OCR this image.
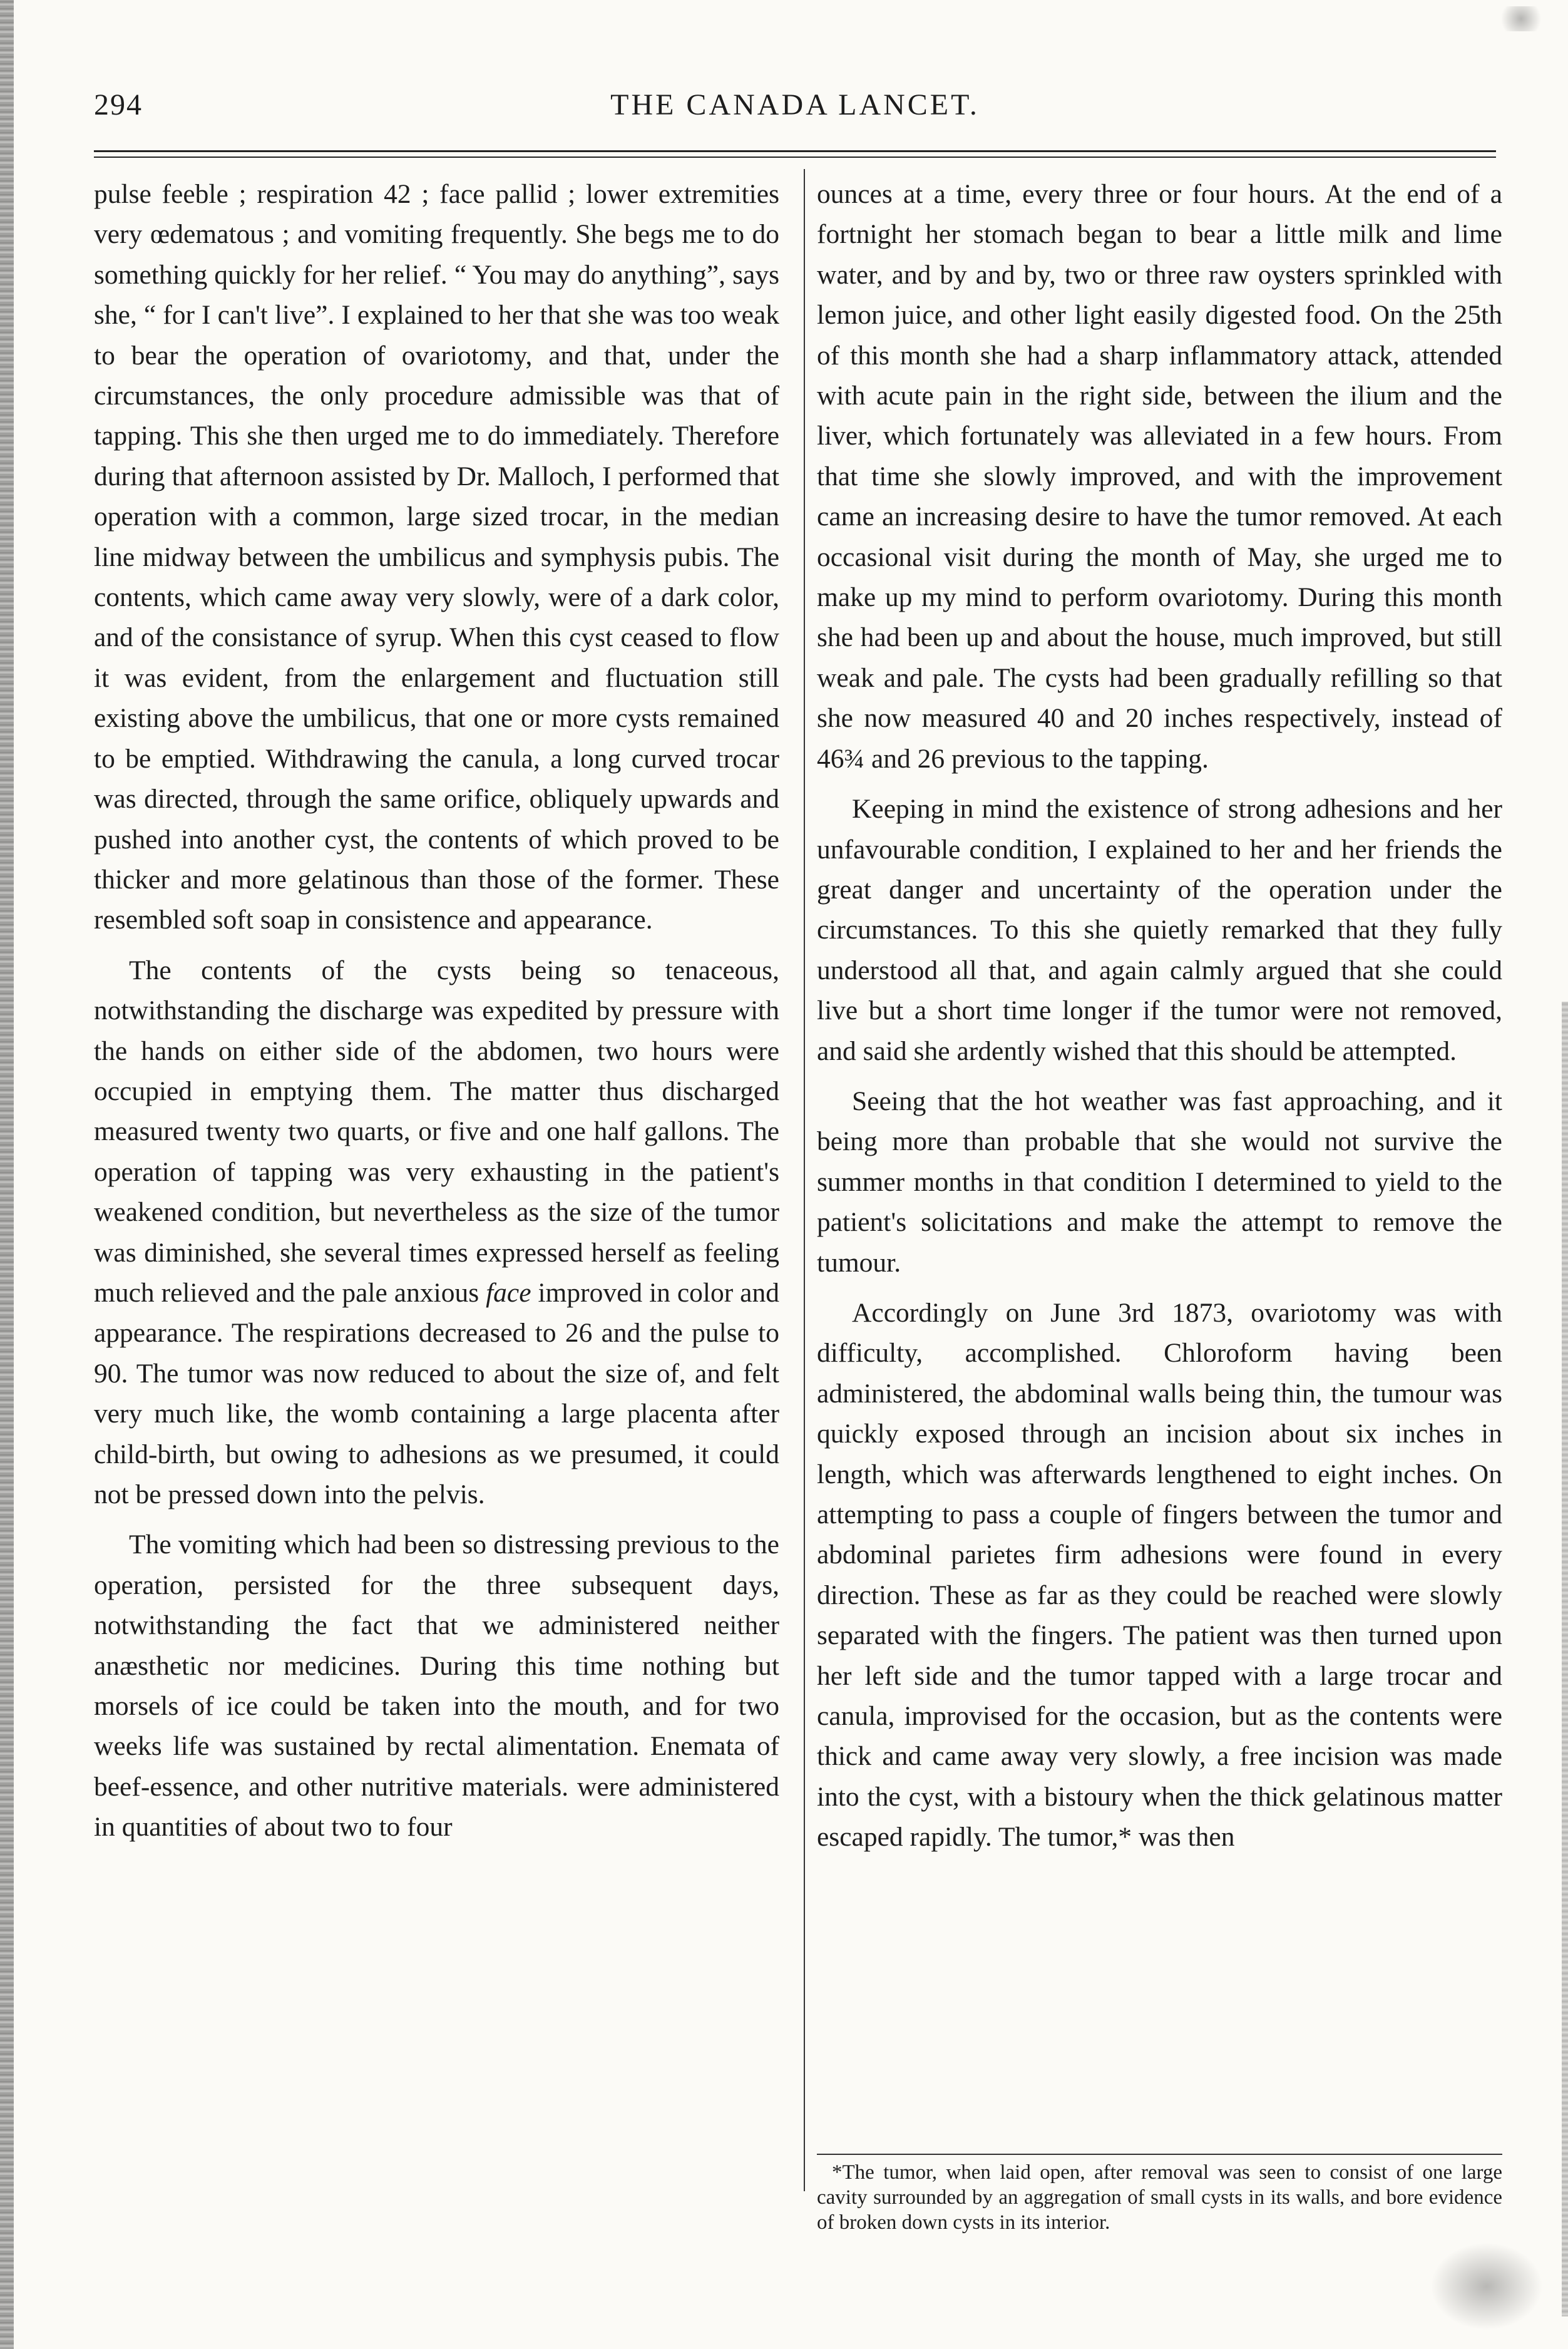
294	THE CANADA LANCET.

pulse feeble ; respiration 42 ; face pallid ; lower extremities very œdematous ; and vomiting frequently. She begs me to do something quickly for her relief. “ You may do anything”, says she, “ for I can't live”. I explained to her that she was too weak to bear the operation of ovariotomy, and that, under the circumstances, the only procedure admissible was that of tapping. This she then urged me to do immediately. Therefore during that afternoon assisted by Dr. Malloch, I performed that operation with a common, large sized trocar, in the median line midway between the umbilicus and symphysis pubis. The contents, which came away very slowly, were of a dark color, and of the consistance of syrup. When this cyst ceased to flow it was evident, from the enlargement and fluctuation still existing above the umbilicus, that one or more cysts remained to be emptied. Withdrawing the canula, a long curved trocar was directed, through the same orifice, obliquely upwards and pushed into another cyst, the contents of which proved to be thicker and more gelatinous than those of the former. These resembled soft soap in consistence and appearance.

The contents of the cysts being so tenaceous, notwithstanding the discharge was expedited by pressure with the hands on either side of the abdomen, two hours were occupied in emptying them. The matter thus discharged measured twenty two quarts, or five and one half gallons. The operation of tapping was very exhausting in the patient's weakened condition, but nevertheless as the size of the tumor was diminished, she several times expressed herself as feeling much relieved and the pale anxious face improved in color and appearance. The respirations decreased to 26 and the pulse to 90. The tumor was now reduced to about the size of, and felt very much like, the womb containing a large placenta after child-birth, but owing to adhesions as we presumed, it could not be pressed down into the pelvis.

The vomiting which had been so distressing previous to the operation, persisted for the three subsequent days, notwithstanding the fact that we administered neither anæsthetic nor medicines. During this time nothing but morsels of ice could be taken into the mouth, and for two weeks life was sustained by rectal alimentation. Enemata of beef-essence, and other nutritive materials. were administered in quantities of about two to four

ounces at a time, every three or four hours. At the end of a fortnight her stomach began to bear a little milk and lime water, and by and by, two or three raw oysters sprinkled with lemon juice, and other light easily digested food. On the 25th of this month she had a sharp inflammatory attack, attended with acute pain in the right side, between the ilium and the liver, which fortunately was alleviated in a few hours. From that time she slowly improved, and with the improvement came an increasing desire to have the tumor removed. At each occasional visit during the month of May, she urged me to make up my mind to perform ovariotomy. During this month she had been up and about the house, much improved, but still weak and pale. The cysts had been gradually refilling so that she now measured 40 and 20 inches respectively, instead of 46¾ and 26 previous to the tapping.

Keeping in mind the existence of strong adhesions and her unfavourable condition, I explained to her and her friends the great danger and uncertainty of the operation under the circumstances. To this she quietly remarked that they fully understood all that, and again calmly argued that she could live but a short time longer if the tumor were not removed, and said she ardently wished that this should be attempted.

Seeing that the hot weather was fast approaching, and it being more than probable that she would not survive the summer months in that condition I determined to yield to the patient's solicitations and make the attempt to remove the tumour.

Accordingly on June 3rd 1873, ovariotomy was with difficulty, accomplished. Chloroform having been administered, the abdominal walls being thin, the tumour was quickly exposed through an incision about six inches in length, which was afterwards lengthened to eight inches. On attempting to pass a couple of fingers between the tumor and abdominal parietes firm adhesions were found in every direction. These as far as they could be reached were slowly separated with the fingers. The patient was then turned upon her left side and the tumor tapped with a large trocar and canula, improvised for the occasion, but as the contents were thick and came away very slowly, a free incision was made into the cyst, with a bistoury when the thick gelatinous matter escaped rapidly. The tumor,* was then

*The tumor, when laid open, after removal was seen to consist of one large cavity surrounded by an aggregation of small cysts in its walls, and bore evidence of broken down cysts in its interior.
